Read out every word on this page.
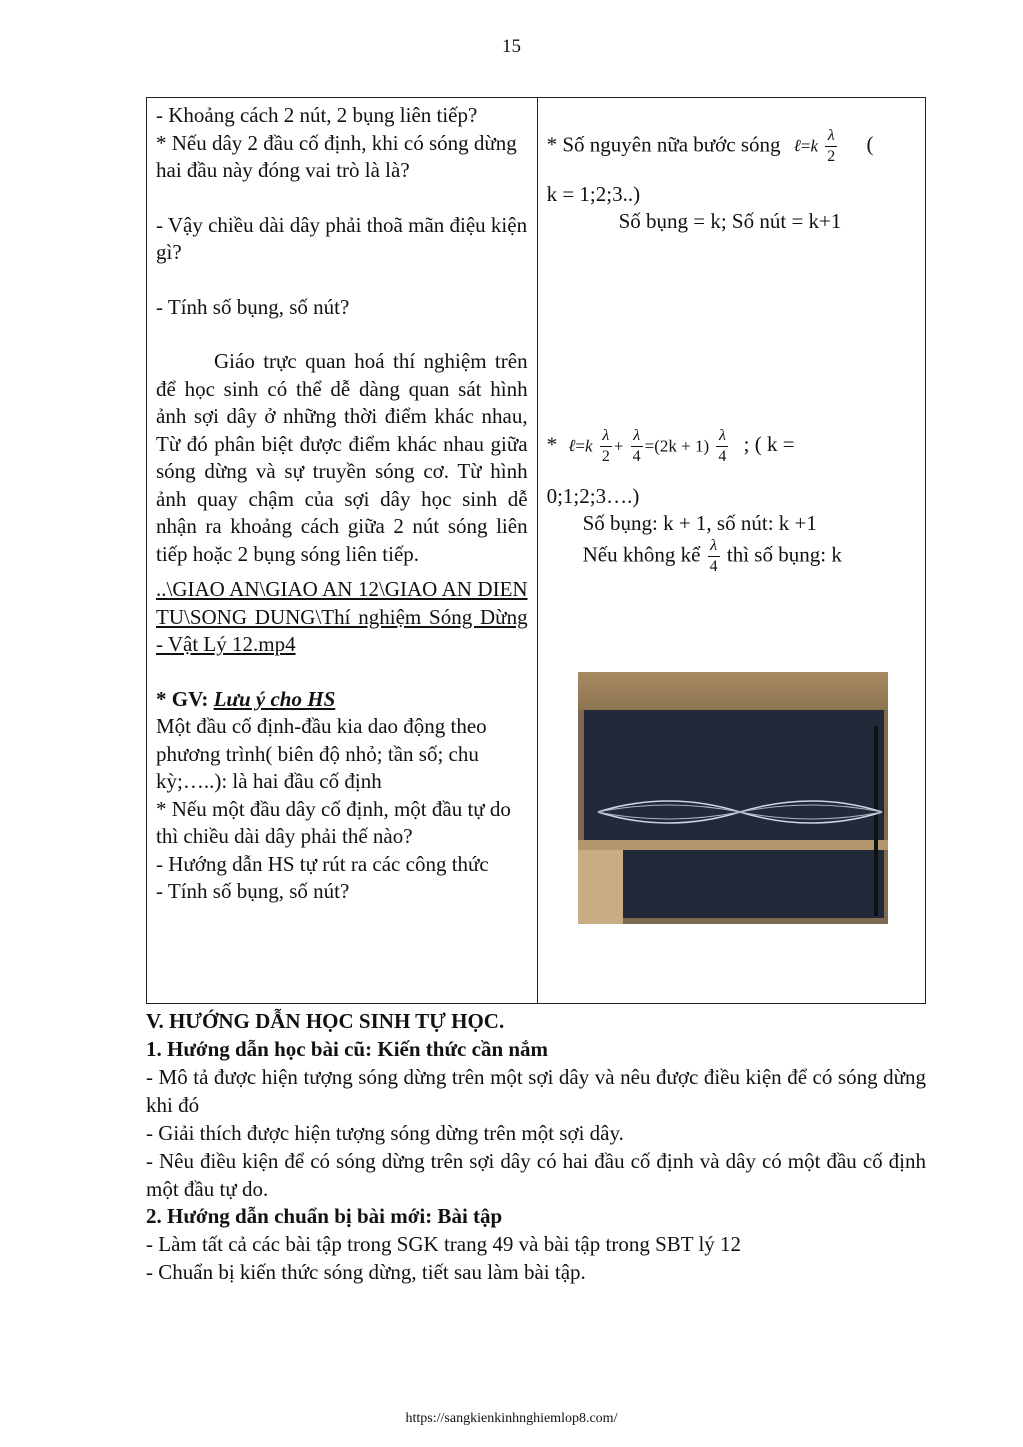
15

- Khoảng cách 2 nút, 2 bụng liên tiếp?

* Nếu dây 2 đầu cố định, khi có sóng dừng hai đầu này đóng vai trò là là?

- Vậy chiều dài dây phải thoã mãn điệu kiện gì?

- Tính số bụng, số nút?

Giáo trực quan hoá thí nghiệm trên để học sinh có thể dễ dàng quan sát hình ảnh sợi dây ở những thời điểm khác nhau, Từ đó phân biệt được điểm khác nhau giữa sóng dừng và sự truyền sóng cơ. Từ hình ảnh quay chậm của sợi dây học sinh dễ nhận ra khoảng cách giữa 2 nút sóng liên tiếp hoặc 2 bụng sóng liên tiếp.

..\GIAO AN\GIAO AN 12\GIAO AN DIEN TU\SONG DUNG\Thí nghiệm Sóng Dừng - Vật Lý 12.mp4

* GV: Lưu ý cho HS

Một đầu cố định-đầu kia dao động theo phương trình( biên độ nhỏ; tần số; chu kỳ;…..): là hai đầu cố định

* Nếu một đầu dây cố định, một đầu tự do thì chiều dài dây phải thế nào?

- Hướng dẫn HS tự rút ra các công thức

- Tính số bụng, số nút?

* Số nguyên nữa bước sóng ℓ=k $\frac{\lambda}{2}$ (
k = 1;2;3..)
Số bụng = k; Số nút = k+1
* ℓ=k $\frac{\lambda}{2} + \frac{\lambda}{4} =(2k + 1) \frac{\lambda}{4}$ ; ( k =
0;1;2;3….)
Số bụng: k + 1, số nút: k +1
Nếu không kể $\frac{\lambda}{4}$ thì số bụng: k
V. HƯỚNG DẪN HỌC SINH TỰ HỌC.
1. Hướng dẫn học bài cũ: Kiến thức cần nắm
- Mô tả được hiện tượng sóng dừng trên một sợi dây và nêu được điều kiện để có sóng dừng khi đó
- Giải thích được hiện tượng sóng dừng trên một sợi dây.
- Nêu điều kiện để có sóng dừng trên sợi dây có hai đầu cố định và dây có một đầu cố định một đầu tự do.
2. Hướng dẫn chuẩn bị bài mới: Bài tập
- Làm tất cả các bài tập trong SGK trang 49 và bài tập trong SBT lý 12
- Chuẩn bị kiến thức sóng dừng, tiết sau làm bài tập.
https://sangkienkinhnghiemlop8.com/
